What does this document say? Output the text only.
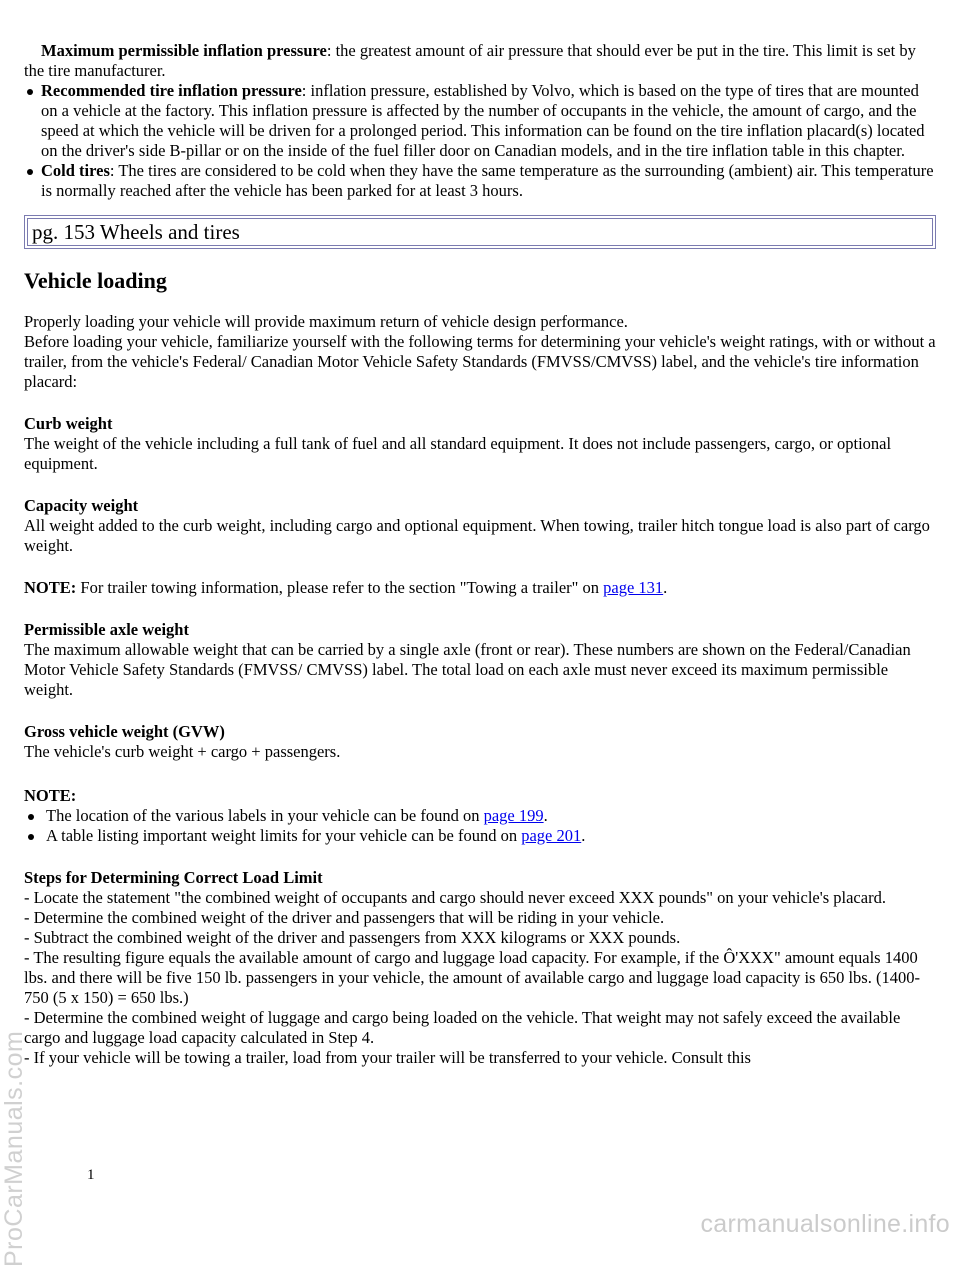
Maximum permissible inflation pressure: the greatest amount of air pressure that should ever be put in the tire. This limit is set by the tire manufacturer.

Recommended tire inflation pressure: inflation pressure, established by Volvo, which is based on the type of tires that are mounted on a vehicle at the factory. This inflation pressure is affected by the number of occupants in the vehicle, the amount of cargo, and the speed at which the vehicle will be driven for a prolonged period. This information can be found on the tire inflation placard(s) located on the driver's side B-pillar or on the inside of the fuel filler door on Canadian models, and in the tire inflation table in this chapter.
Cold tires: The tires are considered to be cold when they have the same temperature as the surrounding (ambient) air. This temperature is normally reached after the vehicle has been parked for at least 3 hours.
pg. 153 Wheels and tires
Vehicle loading

Properly loading your vehicle will provide maximum return of vehicle design performance.

Before loading your vehicle, familiarize yourself with the following terms for determining your vehicle's weight ratings, with or without a trailer, from the vehicle's Federal/ Canadian Motor Vehicle Safety Standards (FMVSS/CMVSS) label, and the vehicle's tire information placard:

Curb weight
The weight of the vehicle including a full tank of fuel and all standard equipment. It does not include passengers, cargo, or optional equipment.
Capacity weight
All weight added to the curb weight, including cargo and optional equipment. When towing, trailer hitch tongue load is also part of cargo weight.

NOTE: For trailer towing information, please refer to the section "Towing a trailer" on page 131.

Permissible axle weight
The maximum allowable weight that can be carried by a single axle (front or rear). These numbers are shown on the Federal/Canadian Motor Vehicle Safety Standards (FMVSS/ CMVSS) label. The total load on each axle must never exceed its maximum permissible weight.
Gross vehicle weight (GVW)
The vehicle's curb weight + cargo + passengers.

NOTE:

The location of the various labels in your vehicle can be found on page 199.
A table listing important weight limits for your vehicle can be found on page 201.
Steps for Determining Correct Load Limit

- Locate the statement "the combined weight of occupants and cargo should never exceed XXX pounds" on your vehicle's placard.

- Determine the combined weight of the driver and passengers that will be riding in your vehicle.

- Subtract the combined weight of the driver and passengers from XXX kilograms or XXX pounds.

- The resulting figure equals the available amount of cargo and luggage load capacity. For example, if the Ô'XXX" amount equals 1400 lbs. and there will be five 150 lb. passengers in your vehicle, the amount of available cargo and luggage load capacity is 650 lbs. (1400- 750 (5 x 150) = 650 lbs.)

- Determine the combined weight of luggage and cargo being loaded on the vehicle. That weight may not safely exceed the available cargo and luggage load capacity calculated in Step 4.

- If your vehicle will be towing a trailer, load from your trailer will be transferred to your vehicle. Consult this

1
ProCarManuals.com	carmanualsonline.info
